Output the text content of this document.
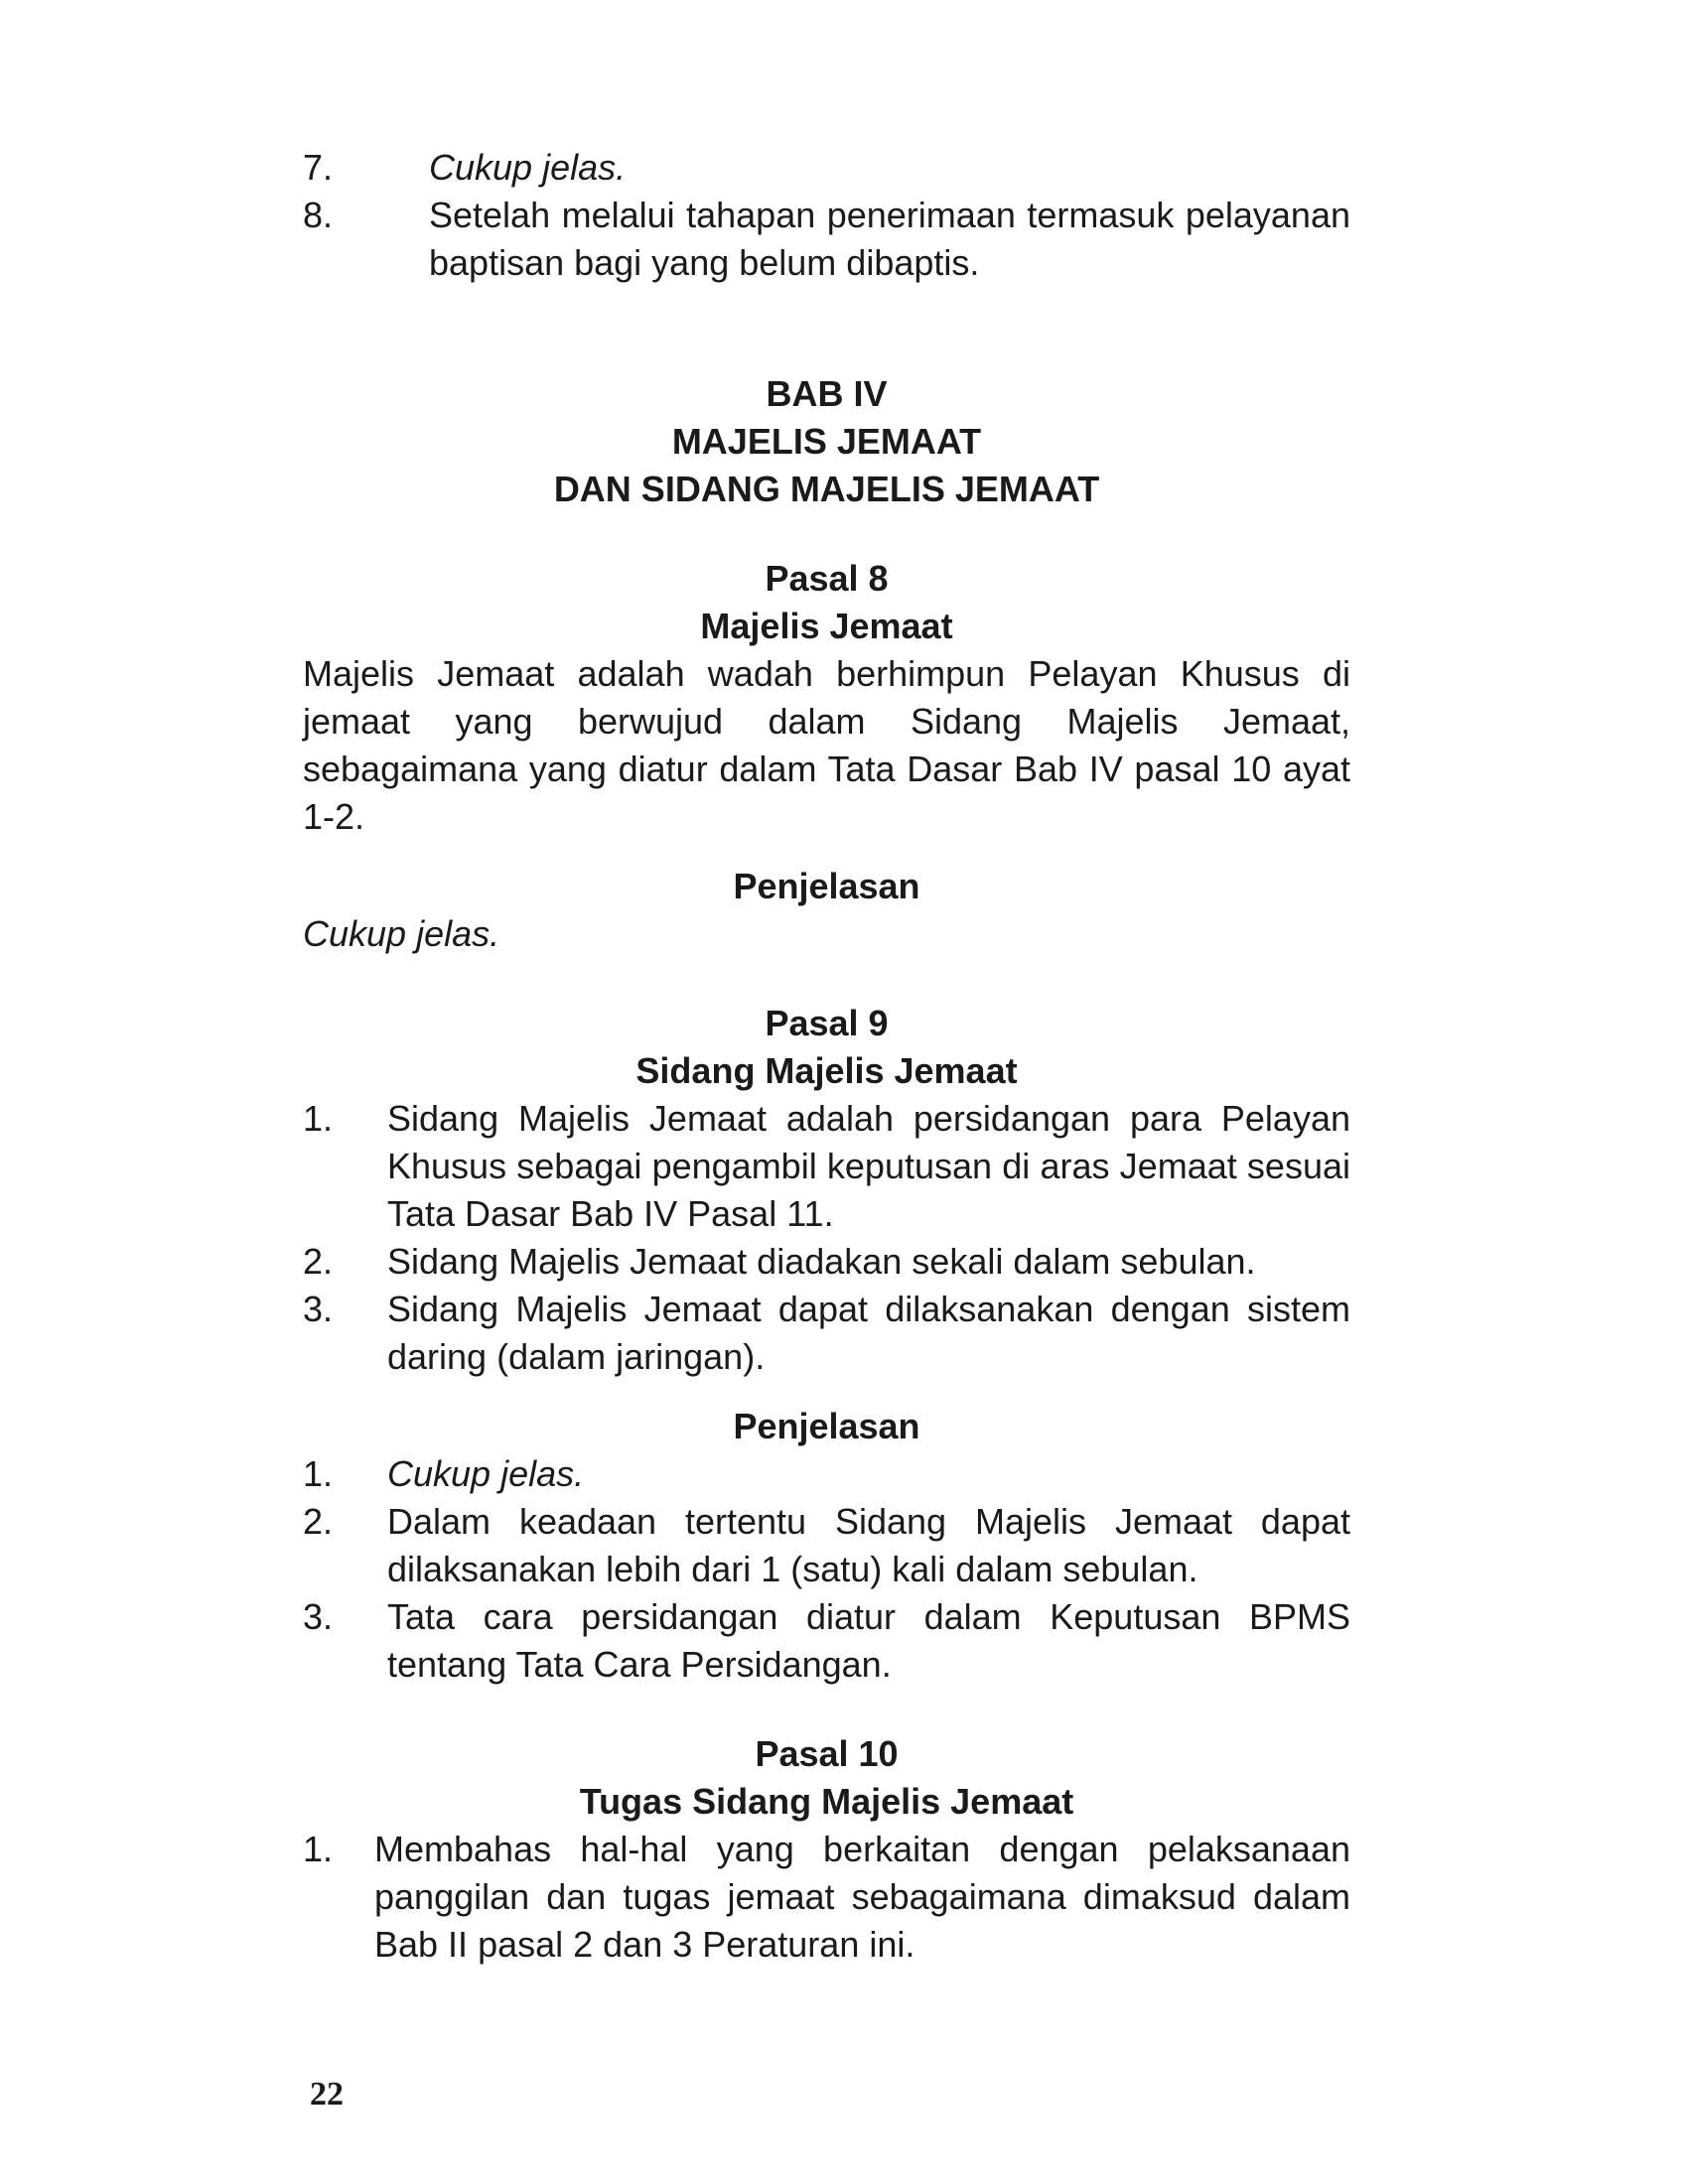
7.	Cukup jelas.
8.	Setelah melalui tahapan penerimaan termasuk pelayanan baptisan bagi yang belum dibaptis.
BAB IV
MAJELIS JEMAAT
DAN SIDANG MAJELIS JEMAAT
Pasal 8
Majelis Jemaat
Majelis Jemaat adalah wadah berhimpun Pelayan Khusus di jemaat yang berwujud dalam Sidang Majelis Jemaat, sebagaimana yang diatur dalam Tata Dasar Bab IV pasal 10 ayat 1-2.
Penjelasan
Cukup jelas.
Pasal 9
Sidang Majelis Jemaat
1.	Sidang Majelis Jemaat adalah persidangan para Pelayan Khusus sebagai pengambil keputusan di aras Jemaat sesuai Tata Dasar Bab IV Pasal 11.
2.	Sidang Majelis Jemaat diadakan sekali dalam sebulan.
3.	Sidang Majelis Jemaat dapat dilaksanakan dengan sistem daring (dalam jaringan).
Penjelasan
1.	Cukup jelas.
2.	Dalam keadaan tertentu Sidang Majelis Jemaat dapat dilaksanakan lebih dari 1 (satu) kali dalam sebulan.
3.	Tata cara persidangan diatur dalam Keputusan BPMS tentang Tata Cara Persidangan.
Pasal 10
Tugas Sidang Majelis Jemaat
1.	Membahas hal-hal yang berkaitan dengan pelaksanaan panggilan dan tugas jemaat sebagaimana dimaksud dalam Bab II pasal 2 dan 3 Peraturan ini.
22
